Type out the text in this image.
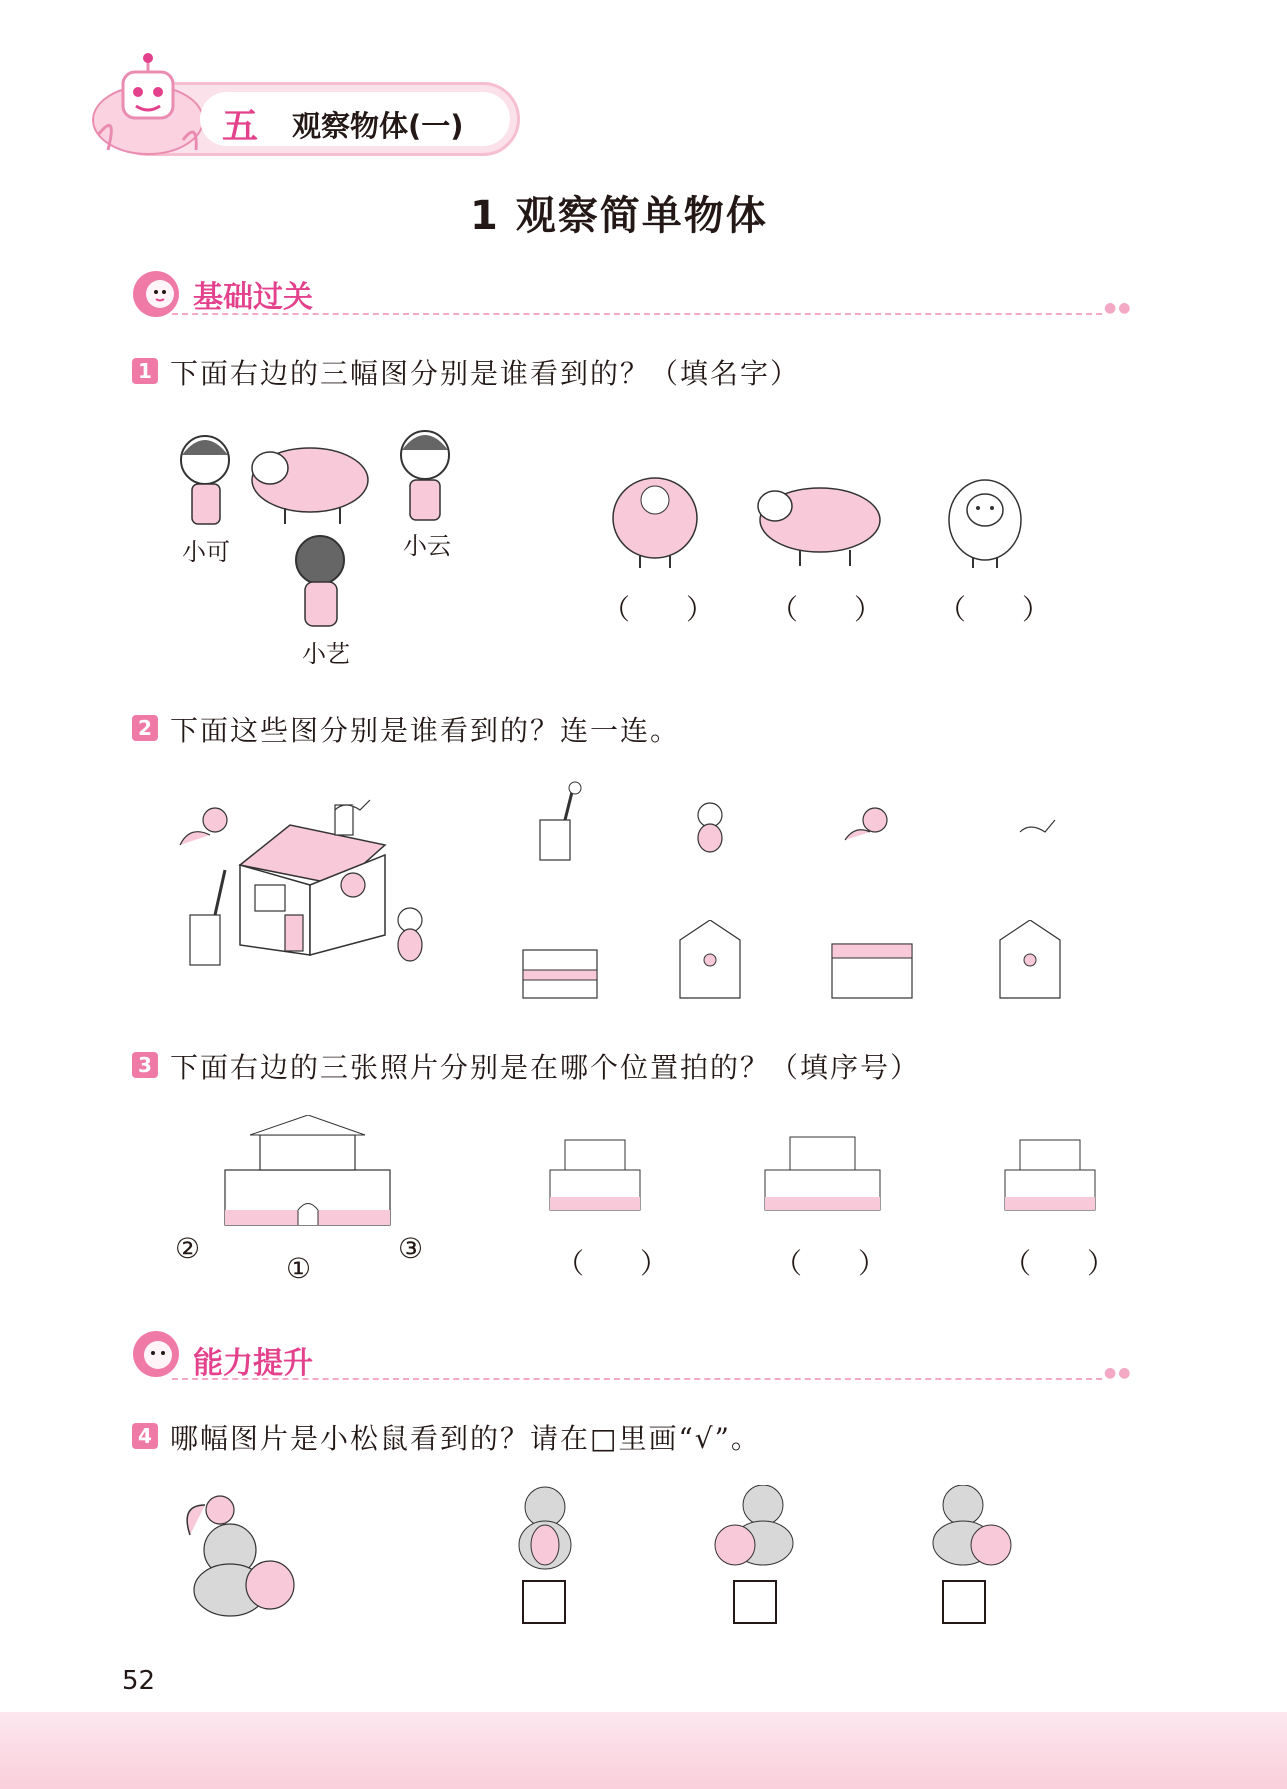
五 观察物体(一)
1 观察简单物体
基础过关	●●
1 下面右边的三幅图分别是谁看到的？（填名字）
小可	小云
小艺
（　　） （　　） （　　）
2 下面这些图分别是谁看到的？连一连。
3 下面右边的三张照片分别是在哪个位置拍的？（填序号）
②
①
③	（　　）	（　　）	（　　）
能力提升	●●
4 哪幅图片是小松鼠看到的？请在□里画“√”。
52
